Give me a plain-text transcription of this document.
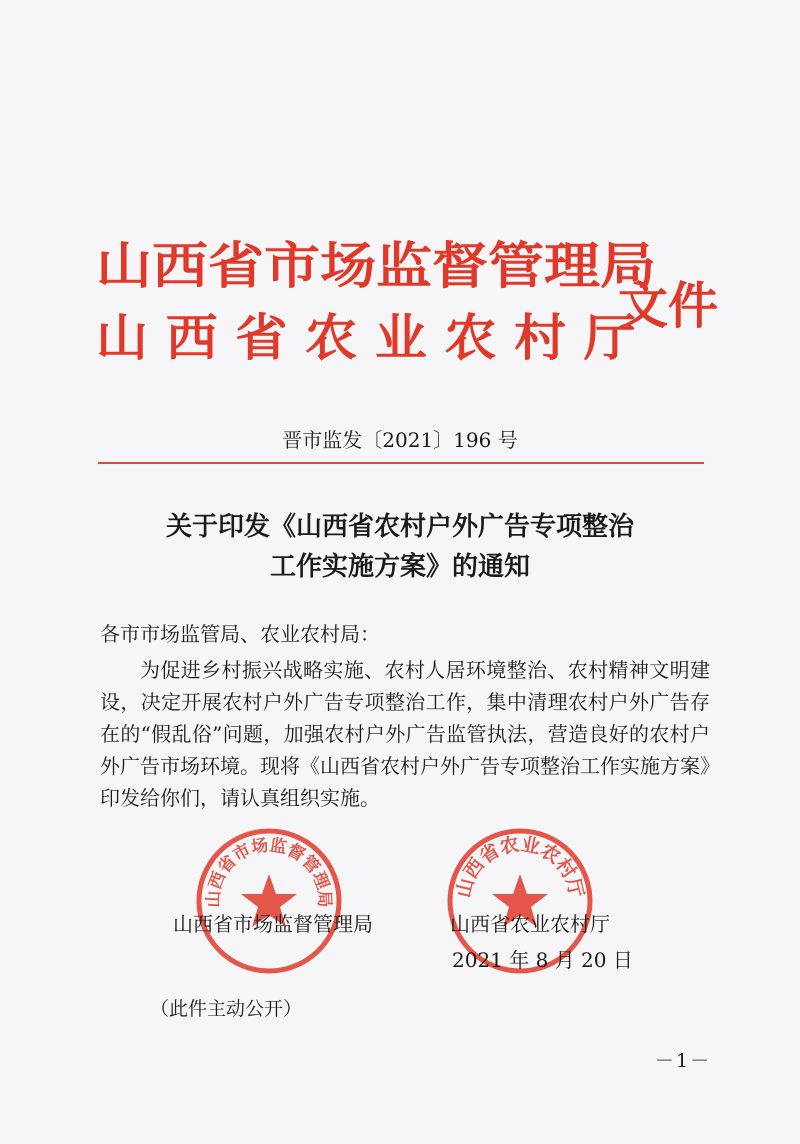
山西省市场监督管理局
山西省农业农村厅
文件
晋市监发〔2021〕196 号
关于印发《山西省农村户外广告专项整治
工作实施方案》的通知
各市市场监管局、农业农村局：
为促进乡村振兴战略实施、农村人居环境整治、农村精神文明建设，决定开展农村户外广告专项整治工作，集中清理农村户外广告存在的“假乱俗”问题，加强农村户外广告监管执法，营造良好的农村户外广告市场环境。现将《山西省农村户外广告专项整治工作实施方案》印发给你们，请认真组织实施。
山西省市场监督管理局	山西省农业农村厅
山西省市场监督管理局	山西省农业农村厅
2021 年 8 月 20 日
（此件主动公开）
－1－
